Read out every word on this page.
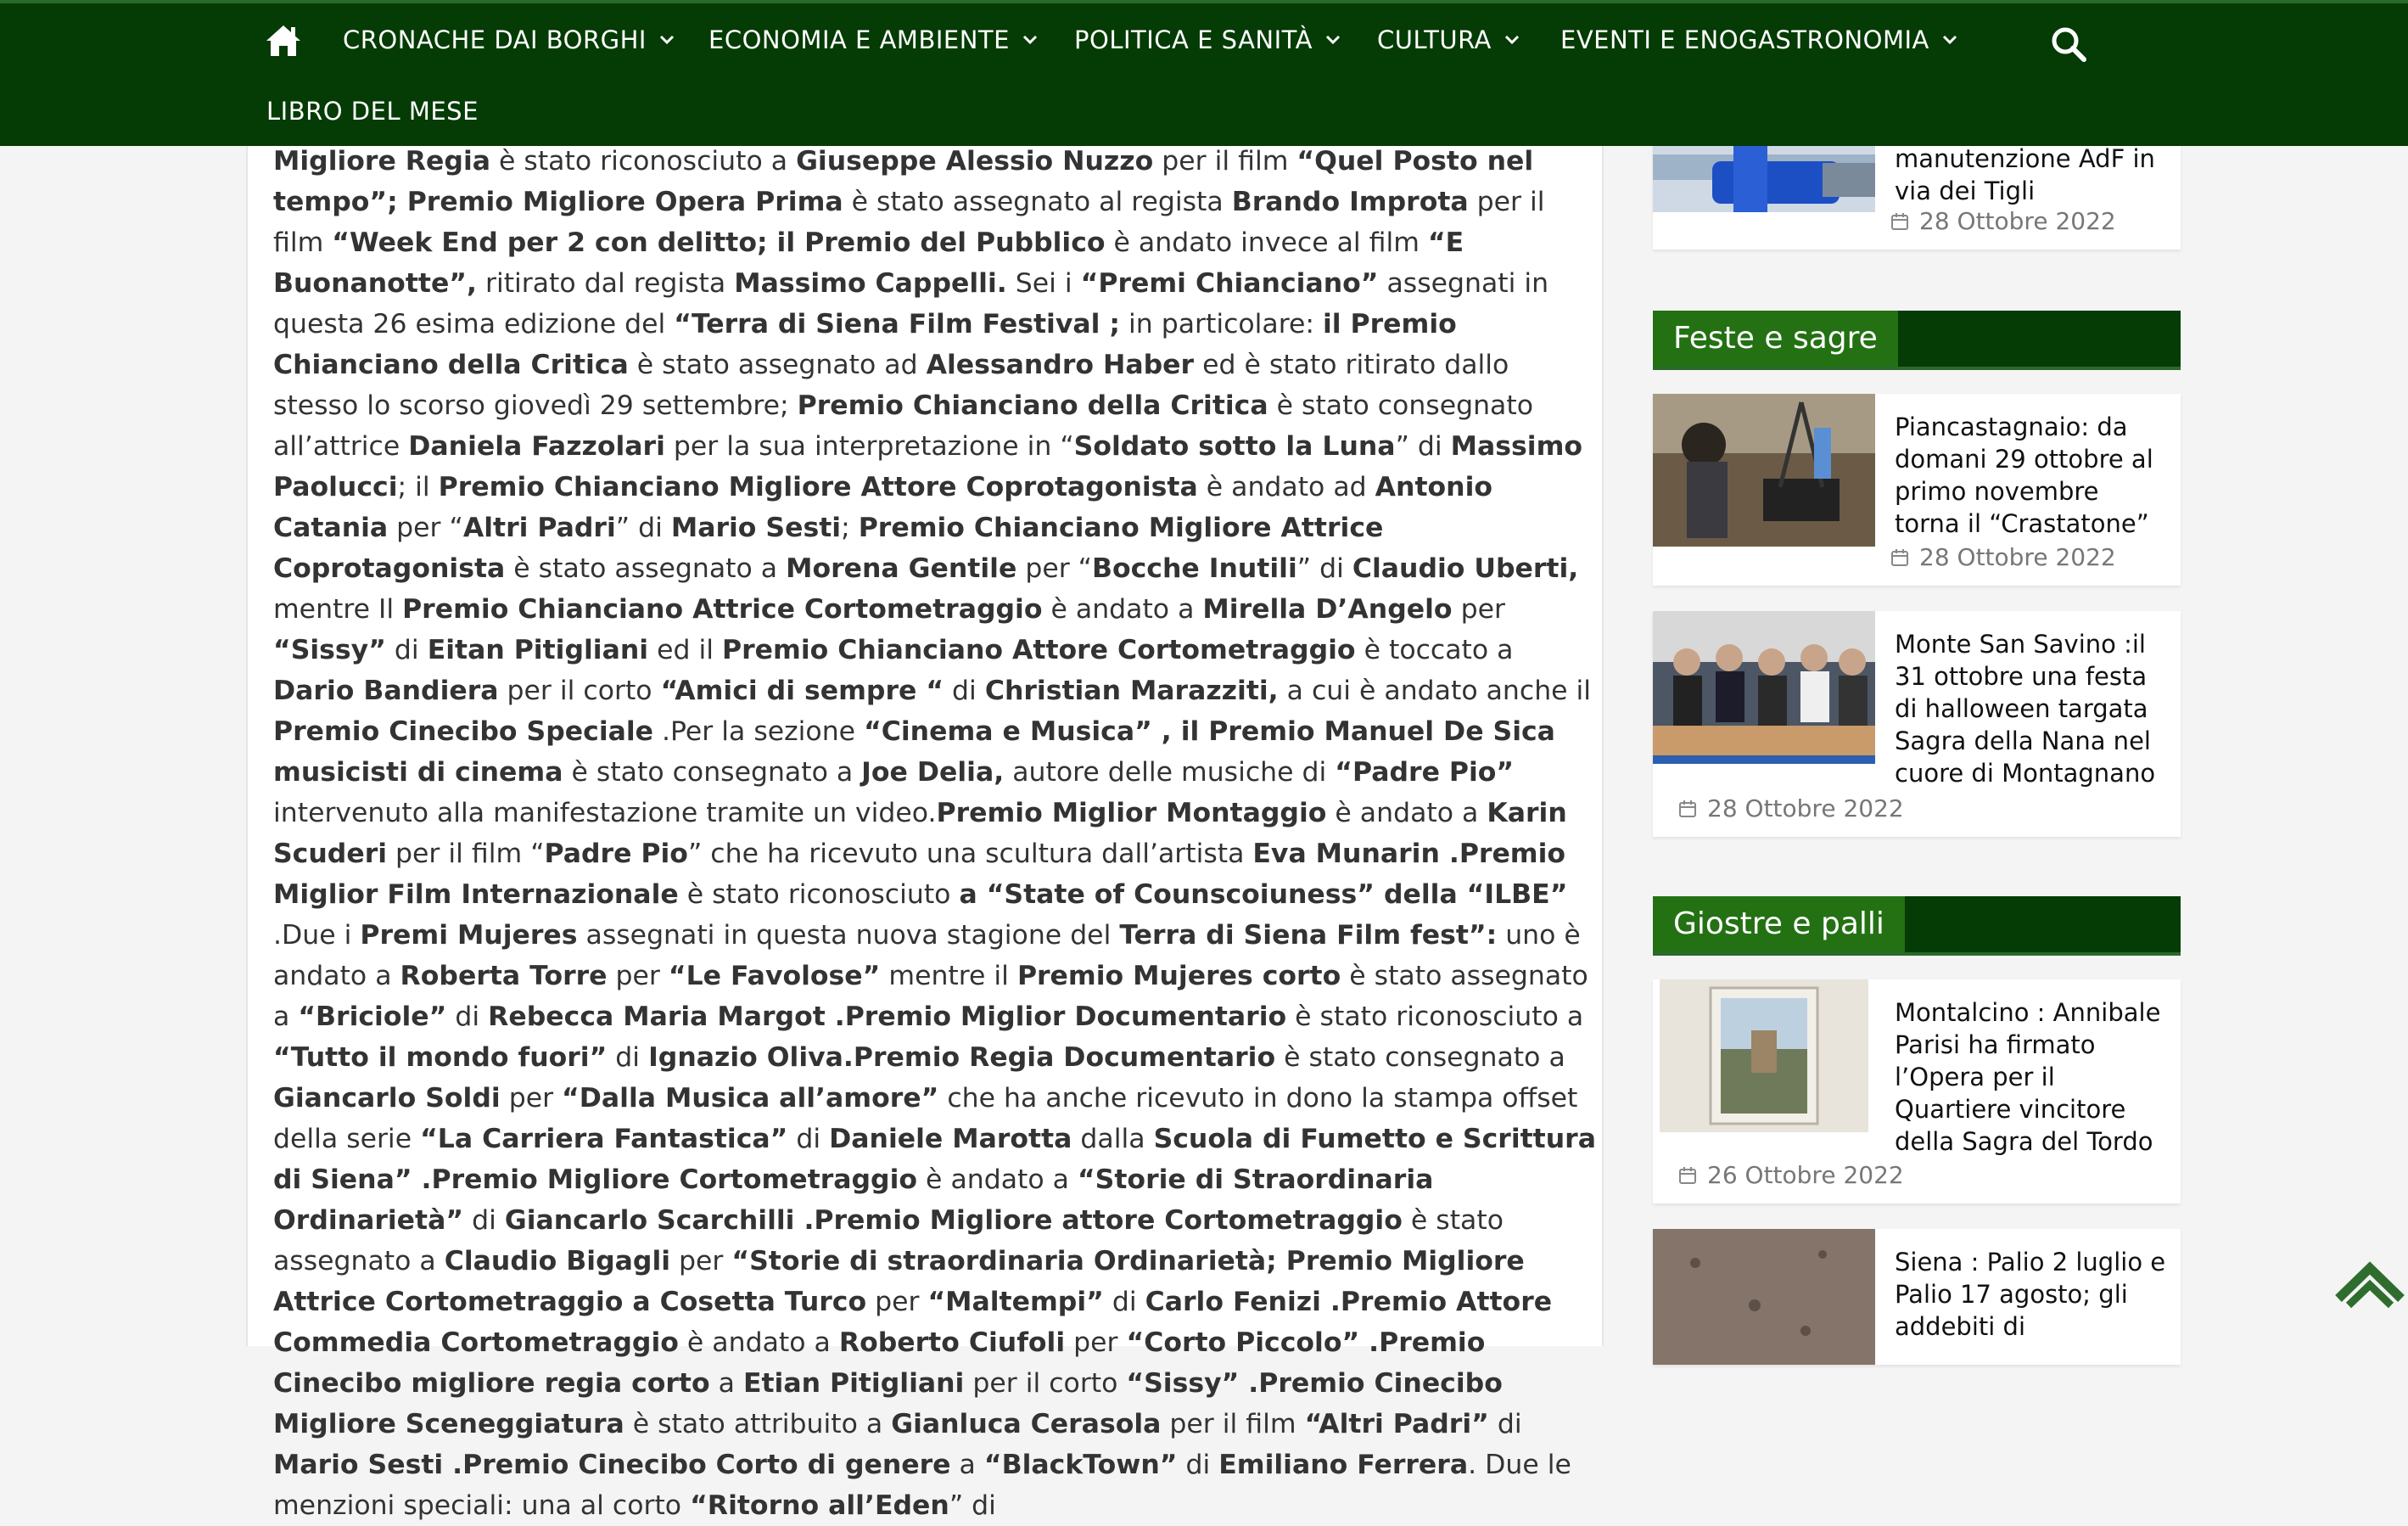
CRONACHE DAI BORGHI	ECONOMIA E AMBIENTE	POLITICA E SANITÀ	CULTURA	EVENTI E ENOGASTRONOMIA
LIBRO DEL MESE

Migliore Regia è stato riconosciuto a Giuseppe Alessio Nuzzo per il film “Quel Posto nel tempo”; Premio Migliore Opera Prima è stato assegnato al regista Brando Improta per il film “Week End per 2 con delitto; il Premio del Pubblico è andato invece al film “E Buonanotte”, ritirato dal regista Massimo Cappelli. Sei i “Premi Chianciano” assegnati in questa 26 esima edizione del “Terra di Siena Film Festival ; in particolare: il Premio Chianciano della Critica è stato assegnato ad Alessandro Haber ed è stato ritirato dallo stesso lo scorso giovedì 29 settembre; Premio Chianciano della Critica è stato consegnato all’attrice Daniela Fazzolari per la sua interpretazione in “Soldato sotto la Luna” di Massimo Paolucci; il Premio Chianciano Migliore Attore Coprotagonista è andato ad Antonio Catania per “Altri Padri” di Mario Sesti; Premio Chianciano Migliore Attrice Coprotagonista è stato assegnato a Morena Gentile per “Bocche Inutili” di Claudio Uberti, mentre Il Premio Chianciano Attrice Cortometraggio è andato a Mirella D’Angelo per “Sissy” di Eitan Pitigliani ed il Premio Chianciano Attore Cortometraggio è toccato a Dario Bandiera per il corto “Amici di sempre “ di Christian Marazziti, a cui è andato anche il Premio Cinecibo Speciale .Per la sezione “Cinema e Musica” , il Premio Manuel De Sica musicisti di cinema è stato consegnato a Joe Delia, autore delle musiche di “Padre Pio” intervenuto alla manifestazione tramite un video.Premio Miglior Montaggio è andato a Karin Scuderi per il film “Padre Pio” che ha ricevuto una scultura dall’artista Eva Munarin .Premio Miglior Film Internazionale è stato riconosciuto a “State of Counscoiuness” della “ILBE” .Due i Premi Mujeres assegnati in questa nuova stagione del Terra di Siena Film fest”: uno è andato a Roberta Torre per “Le Favolose” mentre il Premio Mujeres corto è stato assegnato a “Briciole” di Rebecca Maria Margot .Premio Miglior Documentario è stato riconosciuto a “Tutto il mondo fuori” di Ignazio Oliva.Premio Regia Documentario è stato consegnato a Giancarlo Soldi per “Dalla Musica all’amore” che ha anche ricevuto in dono la stampa offset della serie “La Carriera Fantastica” di Daniele Marotta dalla Scuola di Fumetto e Scrittura di Siena” .Premio Migliore Cortometraggio è andato a “Storie di Straordinaria Ordinarietà” di Giancarlo Scarchilli .Premio Migliore attore Cortometraggio è stato assegnato a Claudio Bigagli per “Storie di straordinaria Ordinarietà; Premio Migliore Attrice Cortometraggio a Cosetta Turco per “Maltempi” di Carlo Fenizi .Premio Attore Commedia Cortometraggio è andato a Roberto Ciufoli per “Corto Piccolo” .Premio Cinecibo migliore regia corto a Etian Pitigliani per il corto “Sissy” .Premio Cinecibo Migliore Sceneggiatura è stato attribuito a Gianluca Cerasola per il film “Altri Padri” di Mario Sesti .Premio Cinecibo Corto di genere a “BlackTown” di Emiliano Ferrera. Due le menzioni speciali: una al corto “Ritorno all’Eden” di

manutenzione AdF in via dei Tigli
28 Ottobre 2022
Feste e sagre
Piancastagnaio: da domani 29 ottobre al primo novembre torna il “Crastatone”
28 Ottobre 2022
Monte San Savino :il 31 ottobre una festa di halloween targata Sagra della Nana nel cuore di Montagnano
28 Ottobre 2022
Giostre e palli
Montalcino : Annibale Parisi ha firmato l’Opera per il Quartiere vincitore della Sagra del Tordo
26 Ottobre 2022
Siena : Palio 2 luglio e Palio 17 agosto; gli addebiti di
